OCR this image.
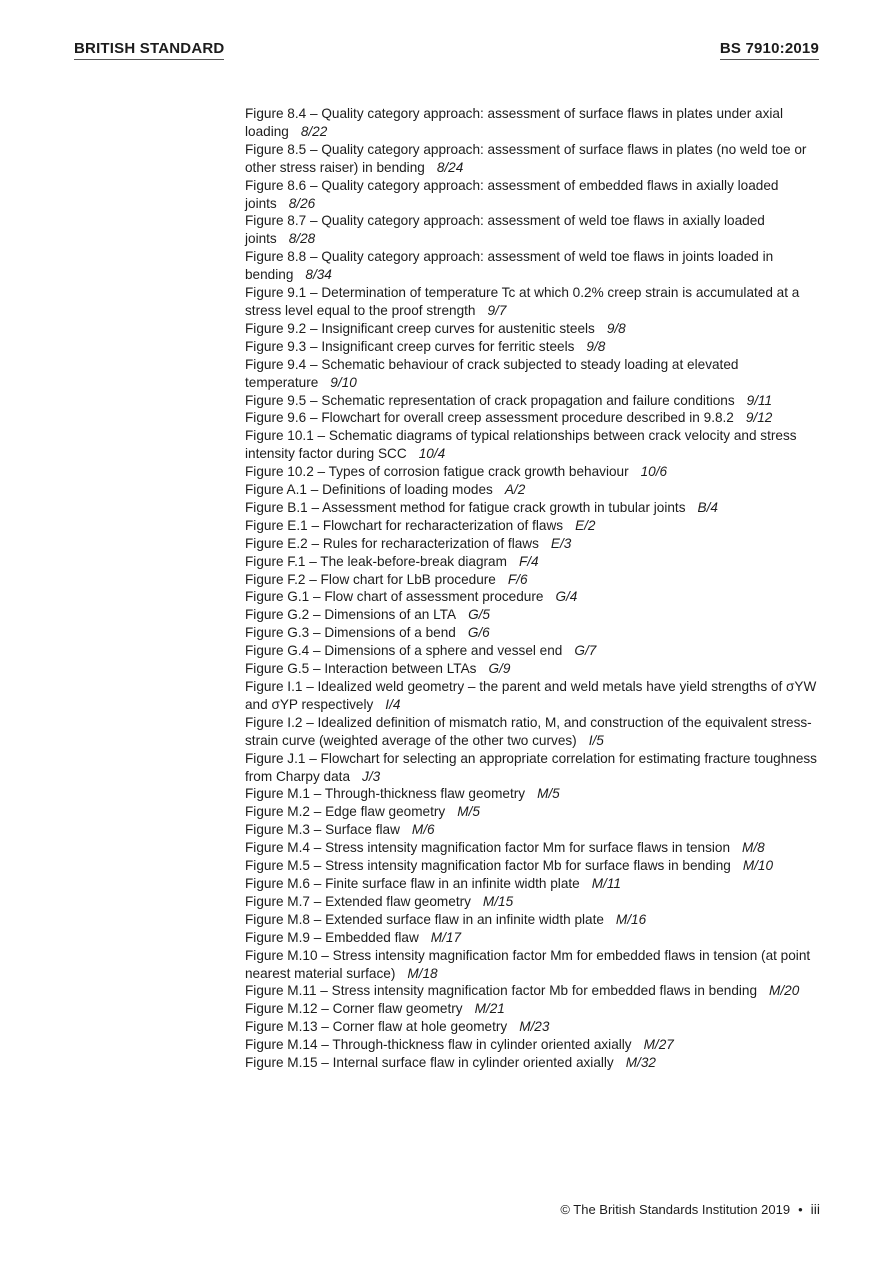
BRITISH STANDARD	BS 7910:2019
Figure 8.4 – Quality category approach: assessment of surface flaws in plates under axial loading 8/22
Figure 8.5 – Quality category approach: assessment of surface flaws in plates (no weld toe or other stress raiser) in bending 8/24
Figure 8.6 – Quality category approach: assessment of embedded flaws in axially loaded joints 8/26
Figure 8.7 – Quality category approach: assessment of weld toe flaws in axially loaded joints 8/28
Figure 8.8 – Quality category approach: assessment of weld toe flaws in joints loaded in bending 8/34
Figure 9.1 – Determination of temperature Tc at which 0.2% creep strain is accumulated at a stress level equal to the proof strength 9/7
Figure 9.2 – Insignificant creep curves for austenitic steels 9/8
Figure 9.3 – Insignificant creep curves for ferritic steels 9/8
Figure 9.4 – Schematic behaviour of crack subjected to steady loading at elevated temperature 9/10
Figure 9.5 – Schematic representation of crack propagation and failure conditions 9/11
Figure 9.6 – Flowchart for overall creep assessment procedure described in 9.8.2 9/12
Figure 10.1 – Schematic diagrams of typical relationships between crack velocity and stress intensity factor during SCC 10/4
Figure 10.2 – Types of corrosion fatigue crack growth behaviour 10/6
Figure A.1 – Definitions of loading modes A/2
Figure B.1 – Assessment method for fatigue crack growth in tubular joints B/4
Figure E.1 – Flowchart for recharacterization of flaws E/2
Figure E.2 – Rules for recharacterization of flaws E/3
Figure F.1 – The leak-before-break diagram F/4
Figure F.2 – Flow chart for LbB procedure F/6
Figure G.1 – Flow chart of assessment procedure G/4
Figure G.2 – Dimensions of an LTA G/5
Figure G.3 – Dimensions of a bend G/6
Figure G.4 – Dimensions of a sphere and vessel end G/7
Figure G.5 – Interaction between LTAs G/9
Figure I.1 – Idealized weld geometry – the parent and weld metals have yield strengths of σYW and σYP respectively I/4
Figure I.2 – Idealized definition of mismatch ratio, M, and construction of the equivalent stress-strain curve (weighted average of the other two curves) I/5
Figure J.1 – Flowchart for selecting an appropriate correlation for estimating fracture toughness from Charpy data J/3
Figure M.1 – Through-thickness flaw geometry M/5
Figure M.2 – Edge flaw geometry M/5
Figure M.3 – Surface flaw M/6
Figure M.4 – Stress intensity magnification factor Mm for surface flaws in tension M/8
Figure M.5 – Stress intensity magnification factor Mb for surface flaws in bending M/10
Figure M.6 – Finite surface flaw in an infinite width plate M/11
Figure M.7 – Extended flaw geometry M/15
Figure M.8 – Extended surface flaw in an infinite width plate M/16
Figure M.9 – Embedded flaw M/17
Figure M.10 – Stress intensity magnification factor Mm for embedded flaws in tension (at point nearest material surface) M/18
Figure M.11 – Stress intensity magnification factor Mb for embedded flaws in bending M/20
Figure M.12 – Corner flaw geometry M/21
Figure M.13 – Corner flaw at hole geometry M/23
Figure M.14 – Through-thickness flaw in cylinder oriented axially M/27
Figure M.15 – Internal surface flaw in cylinder oriented axially M/32
© The British Standards Institution 2019 • iii
